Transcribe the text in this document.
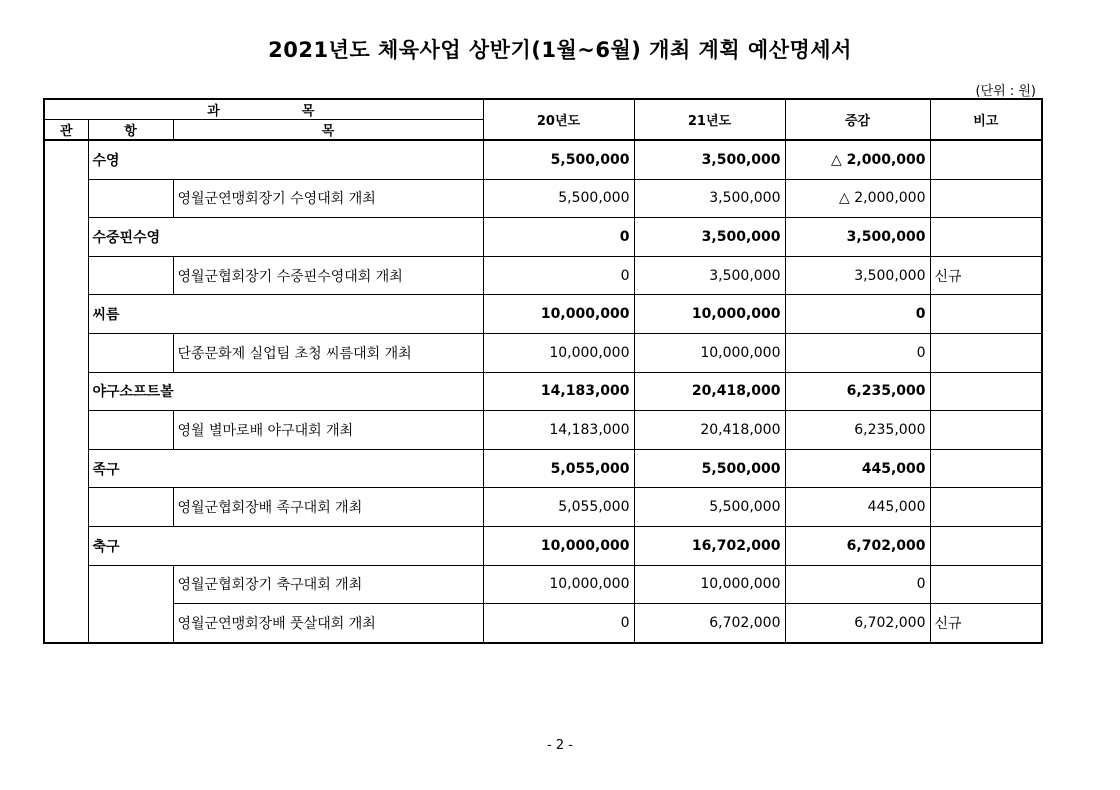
2021년도 체육사업 상반기(1월~6월) 개최 계획 예산명세서
(단위 : 원)
과　　　　목			20년도	21년도	증감	비고
관	항	목				
	수영		5,500,000	3,500,000	△ 2,000,000	
		영월군연맹회장기 수영대회 개최	5,500,000	3,500,000	△ 2,000,000	
	수중핀수영		0	3,500,000	3,500,000	
		영월군협회장기 수중핀수영대회 개최	0	3,500,000	3,500,000	신규
	씨름		10,000,000	10,000,000	0	
		단종문화제 실업팀 초청 씨름대회 개최	10,000,000	10,000,000	0	
	야구소프트볼		14,183,000	20,418,000	6,235,000	
		영월 별마로배 야구대회 개최	14,183,000	20,418,000	6,235,000	
	족구		5,055,000	5,500,000	445,000	
		영월군협회장배 족구대회 개최	5,055,000	5,500,000	445,000	
	축구		10,000,000	16,702,000	6,702,000	
		영월군협회장기 축구대회 개최	10,000,000	10,000,000	0	
		영월군연맹회장배 풋살대회 개최	0	6,702,000	6,702,000	신규
- 2 -
